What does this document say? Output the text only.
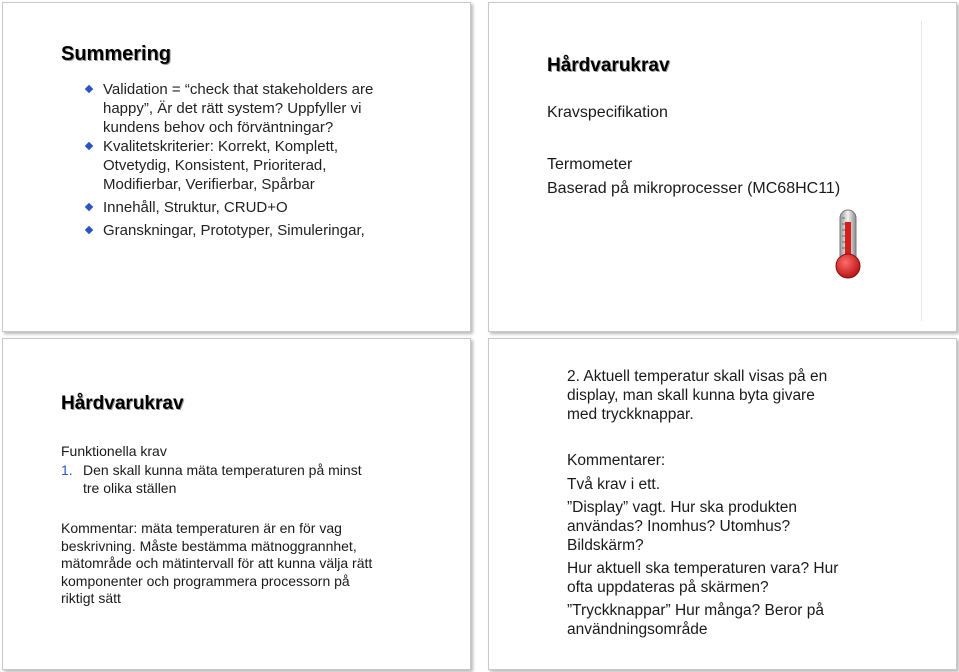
Summering
Validation = “check that stakeholders are
happy”, Är det rätt system? Uppfyller vi
kundens behov och förväntningar?
Kvalitetskriterier: Korrekt, Komplett,
Otvetydig, Konsistent, Prioriterad,
Modifierbar, Verifierbar, Spårbar
Innehåll, Struktur, CRUD+O
Granskningar, Prototyper, Simuleringar,
Hårdvarukrav
Kravspecifikation
Termometer
Baserad på mikroprocesser (MC68HC11)
Hårdvarukrav
Funktionella krav
1. Den skall kunna mäta temperaturen på minst
tre olika ställen
Kommentar: mäta temperaturen är en för vag
beskrivning. Måste bestämma mätnoggrannhet,
mätområde och mätintervall för att kunna välja rätt
komponenter och programmera processorn på
riktigt sätt
2. Aktuell temperatur skall visas på en
display, man skall kunna byta givare
med tryckknappar.
Kommentarer:
Två krav i ett.
”Display” vagt. Hur ska produkten
användas? Inomhus? Utomhus?
Bildskärm?
Hur aktuell ska temperaturen vara? Hur
ofta uppdateras på skärmen?
”Tryckknappar” Hur många? Beror på
användningsområde
